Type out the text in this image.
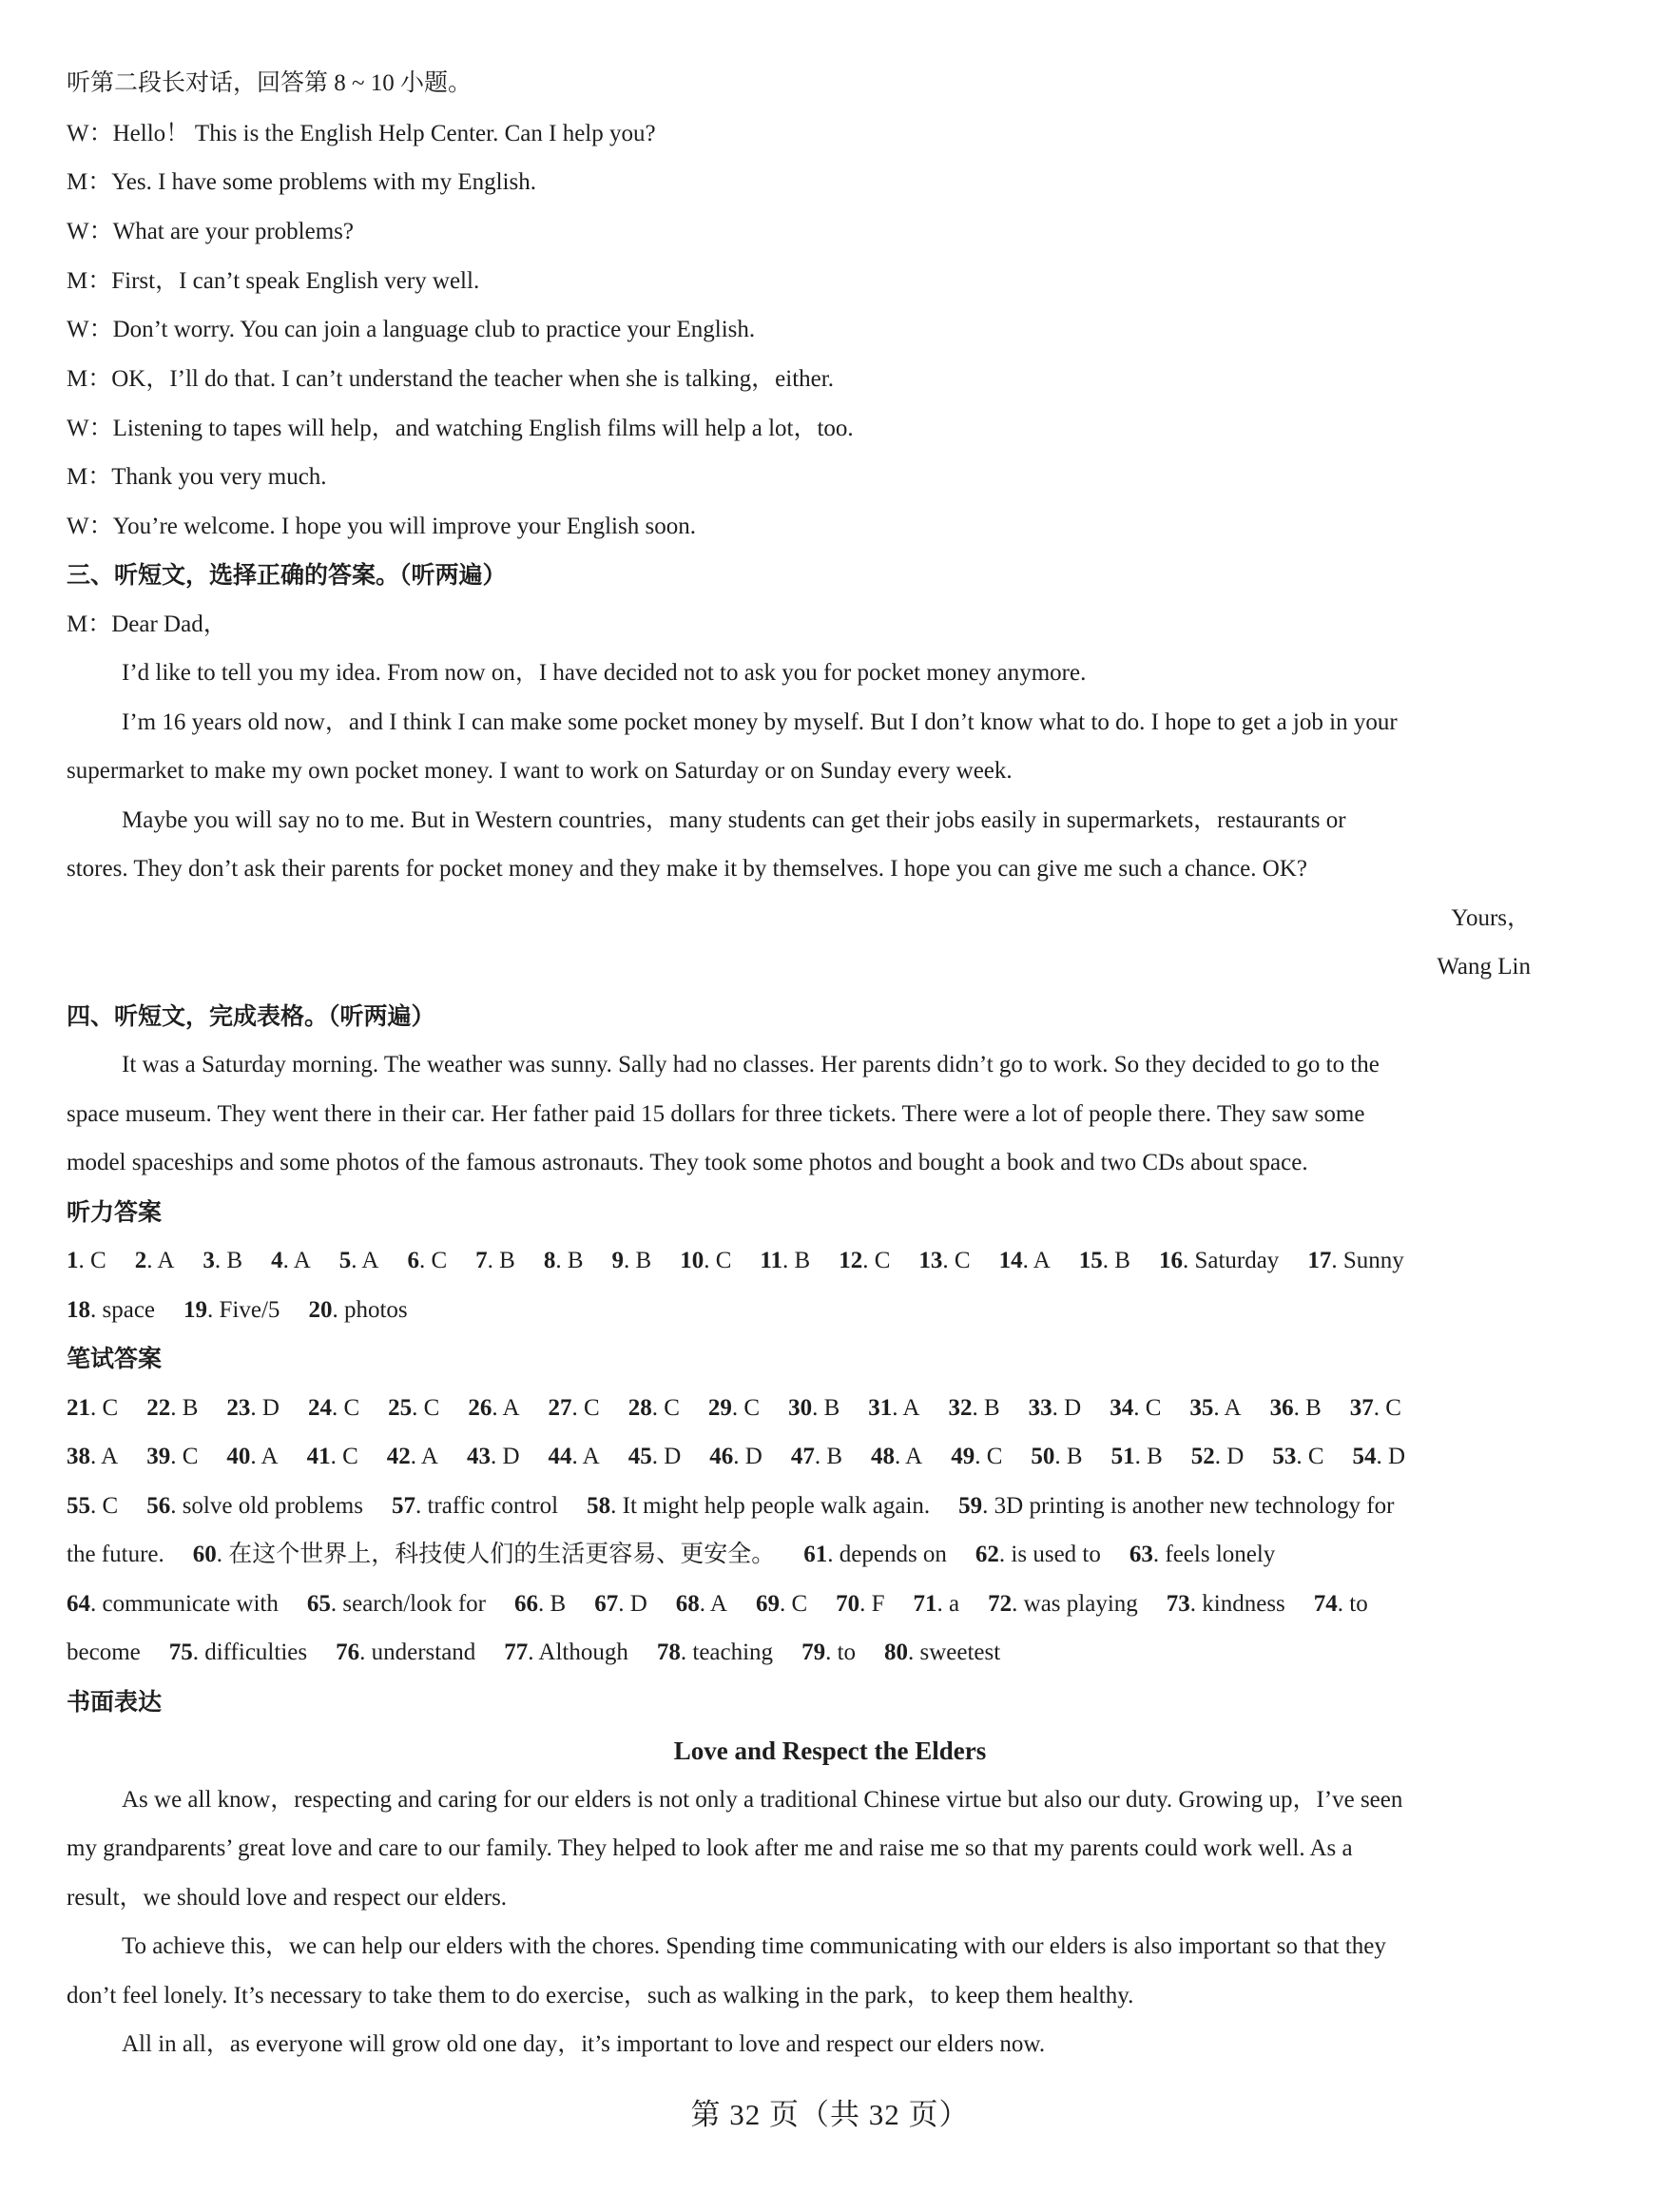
听第二段长对话，回答第 8 ~ 10 小题。
W：Hello！ This is the English Help Center. Can I help you?
M：Yes. I have some problems with my English.
W：What are your problems?
M：First，I can’t speak English very well.
W：Don’t worry. You can join a language club to practice your English.
M：OK，I’ll do that. I can’t understand the teacher when she is talking，either.
W：Listening to tapes will help，and watching English films will help a lot，too.
M：Thank you very much.
W：You’re welcome. I hope you will improve your English soon.
三、听短文，选择正确的答案。（听两遍）
M：Dear Dad，
I’d like to tell you my idea. From now on，I have decided not to ask you for pocket money anymore.
I’m 16 years old now，and I think I can make some pocket money by myself. But I don’t know what to do. I hope to get a job in your
supermarket to make my own pocket money. I want to work on Saturday or on Sunday every week.
Maybe you will say no to me. But in Western countries，many students can get their jobs easily in supermarkets，restaurants or
stores. They don’t ask their parents for pocket money and they make it by themselves. I hope you can give me such a chance. OK?
Yours，
Wang Lin
四、听短文，完成表格。（听两遍）
It was a Saturday morning. The weather was sunny. Sally had no classes. Her parents didn’t go to work. So they decided to go to the
space museum. They went there in their car. Her father paid 15 dollars for three tickets. There were a lot of people there. They saw some
model spaceships and some photos of the famous astronauts. They took some photos and bought a book and two CDs about space.
听力答案
1. C 2. A 3. B 4. A 5. A 6. C 7. B 8. B 9. B 10. C 11. B 12. C 13. C 14. A 15. B 16. Saturday 17. Sunny
18. space 19. Five/5 20. photos
笔试答案
21. C 22. B 23. D 24. C 25. C 26. A 27. C 28. C 29. C 30. B 31. A 32. B 33. D 34. C 35. A 36. B 37. C
38. A 39. C 40. A 41. C 42. A 43. D 44. A 45. D 46. D 47. B 48. A 49. C 50. B 51. B 52. D 53. C 54. D
55. C 56. solve old problems 57. traffic control 58. It might help people walk again. 59. 3D printing is another new technology for
the future. 60. 在这个世界上，科技使人们的生活更容易、更安全。 61. depends on 62. is used to 63. feels lonely
64. communicate with 65. search/look for 66. B 67. D 68. A 69. C 70. F 71. a 72. was playing 73. kindness 74. to
become 75. difficulties 76. understand 77. Although 78. teaching 79. to 80. sweetest
书面表达
Love and Respect the Elders
As we all know，respecting and caring for our elders is not only a traditional Chinese virtue but also our duty. Growing up，I’ve seen
my grandparents’ great love and care to our family. They helped to look after me and raise me so that my parents could work well. As a
result，we should love and respect our elders.
To achieve this，we can help our elders with the chores. Spending time communicating with our elders is also important so that they
don’t feel lonely. It’s necessary to take them to do exercise，such as walking in the park，to keep them healthy.
All in all，as everyone will grow old one day，it’s important to love and respect our elders now.
第 32 页（共 32 页）
